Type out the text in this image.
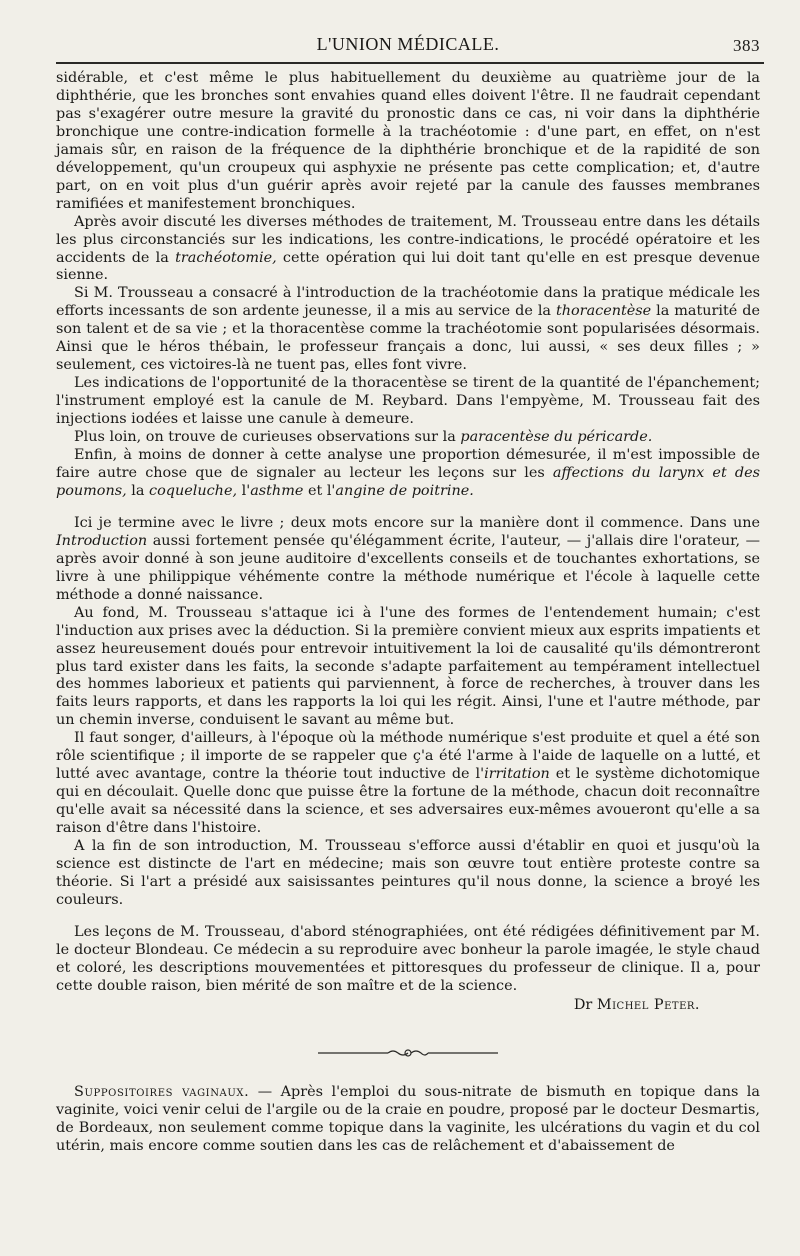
L'UNION MÉDICALE.	383

sidérable, et c'est même le plus habituellement du deuxième au quatrième jour de la diphthérie, que les bronches sont envahies quand elles doivent l'être. Il ne faudrait cependant pas s'exagérer outre mesure la gravité du pronostic dans ce cas, ni voir dans la diphthérie bronchique une contre-indication formelle à la trachéotomie : d'une part, en effet, on n'est jamais sûr, en raison de la fréquence de la diphthérie bronchique et de la rapidité de son développement, qu'un croupeux qui asphyxie ne présente pas cette complication; et, d'autre part, on en voit plus d'un guérir après avoir rejeté par la canule des fausses membranes ramifiées et manifestement bronchiques.

Après avoir discuté les diverses méthodes de traitement, M. Trousseau entre dans les détails les plus circonstanciés sur les indications, les contre-indications, le procédé opératoire et les accidents de la trachéotomie, cette opération qui lui doit tant qu'elle en est presque devenue sienne.

Si M. Trousseau a consacré à l'introduction de la trachéotomie dans la pratique médicale les efforts incessants de son ardente jeunesse, il a mis au service de la thoracentèse la maturité de son talent et de sa vie ; et la thoracentèse comme la trachéotomie sont popularisées désormais. Ainsi que le héros thébain, le professeur français a donc, lui aussi, « ses deux filles ; » seulement, ces victoires-là ne tuent pas, elles font vivre.

Les indications de l'opportunité de la thoracentèse se tirent de la quantité de l'épanchement; l'instrument employé est la canule de M. Reybard. Dans l'empyème, M. Trousseau fait des injections iodées et laisse une canule à demeure.

Plus loin, on trouve de curieuses observations sur la paracentèse du péricarde.

Enfin, à moins de donner à cette analyse une proportion démesurée, il m'est impossible de faire autre chose que de signaler au lecteur les leçons sur les affections du larynx et des poumons, la coqueluche, l'asthme et l'angine de poitrine.

Ici je termine avec le livre ; deux mots encore sur la manière dont il commence. Dans une Introduction aussi fortement pensée qu'élégamment écrite, l'auteur, — j'allais dire l'orateur, — après avoir donné à son jeune auditoire d'excellents conseils et de touchantes exhortations, se livre à une philippique véhémente contre la méthode numérique et l'école à laquelle cette méthode a donné naissance.

Au fond, M. Trousseau s'attaque ici à l'une des formes de l'entendement humain; c'est l'induction aux prises avec la déduction. Si la première convient mieux aux esprits impatients et assez heureusement doués pour entrevoir intuitivement la loi de causalité qu'ils démontreront plus tard exister dans les faits, la seconde s'adapte parfaitement au tempérament intellectuel des hommes laborieux et patients qui parviennent, à force de recherches, à trouver dans les faits leurs rapports, et dans les rapports la loi qui les régit. Ainsi, l'une et l'autre méthode, par un chemin inverse, conduisent le savant au même but.

Il faut songer, d'ailleurs, à l'époque où la méthode numérique s'est produite et quel a été son rôle scientifique ; il importe de se rappeler que ç'a été l'arme à l'aide de laquelle on a lutté, et lutté avec avantage, contre la théorie tout inductive de l'irritation et le système dichotomique qui en découlait. Quelle donc que puisse être la fortune de la méthode, chacun doit reconnaître qu'elle avait sa nécessité dans la science, et ses adversaires eux-mêmes avoueront qu'elle a sa raison d'être dans l'histoire.

A la fin de son introduction, M. Trousseau s'efforce aussi d'établir en quoi et jusqu'où la science est distincte de l'art en médecine; mais son œuvre tout entière proteste contre sa théorie. Si l'art a présidé aux saisissantes peintures qu'il nous donne, la science a broyé les couleurs.

Les leçons de M. Trousseau, d'abord sténographiées, ont été rédigées définitivement par M. le docteur Blondeau. Ce médecin a su reproduire avec bonheur la parole imagée, le style chaud et coloré, les descriptions mouvementées et pittoresques du professeur de clinique. Il a, pour cette double raison, bien mérité de son maître et de la science.

Dr Michel Peter.

Suppositoires vaginaux. — Après l'emploi du sous-nitrate de bismuth en topique dans la vaginite, voici venir celui de l'argile ou de la craie en poudre, proposé par le docteur Desmartis, de Bordeaux, non seulement comme topique dans la vaginite, les ulcérations du vagin et du col utérin, mais encore comme soutien dans les cas de relâchement et d'abaissement de
